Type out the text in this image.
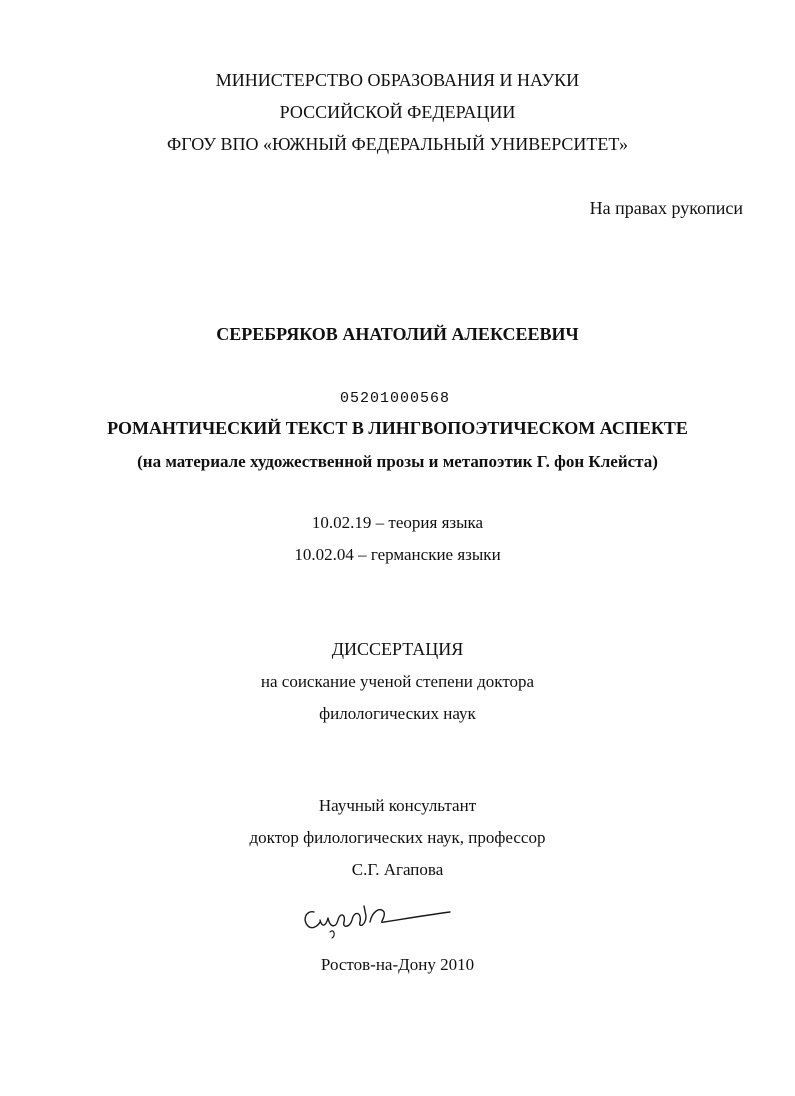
МИНИСТЕРСТВО ОБРАЗОВАНИЯ И НАУКИ
РОССИЙСКОЙ ФЕДЕРАЦИИ
ФГОУ ВПО «ЮЖНЫЙ ФЕДЕРАЛЬНЫЙ УНИВЕРСИТЕТ»
На правах рукописи
СЕРЕБРЯКОВ АНАТОЛИЙ АЛЕКСЕЕВИЧ
05201000568
РОМАНТИЧЕСКИЙ ТЕКСТ В ЛИНГВОПОЭТИЧЕСКОМ АСПЕКТЕ
(на материале художественной прозы и метапоэтик Г. фон Клейста)
10.02.19 – теория языка
10.02.04 – германские языки
ДИССЕРТАЦИЯ
на соискание ученой степени доктора
филологических наук
Научный консультант
доктор филологических наук, профессор
С.Г. Агапова
Ростов-на-Дону 2010
